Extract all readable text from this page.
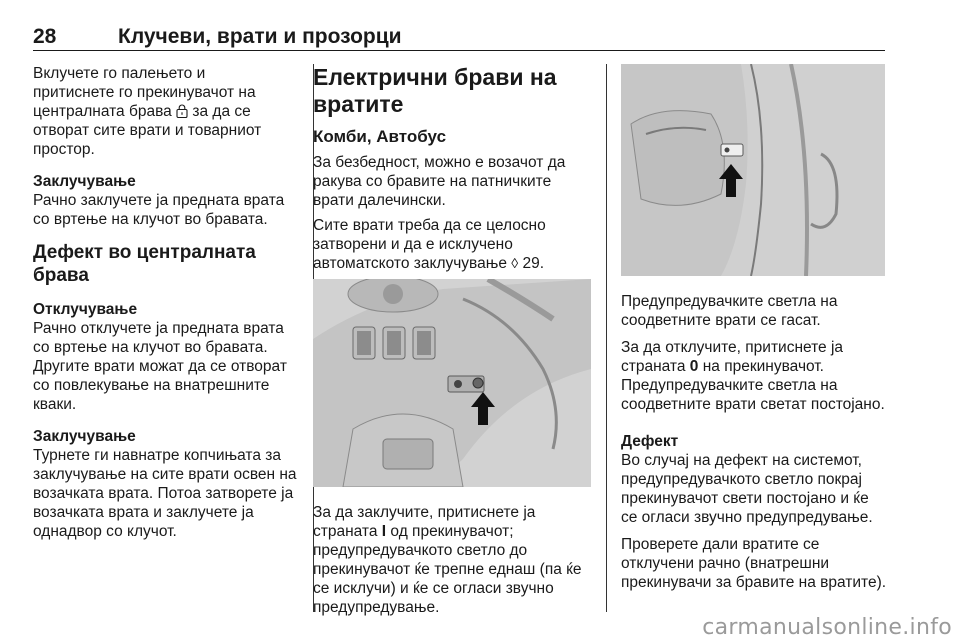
28	Клучеви, врати и прозорци

Вклучете го палењето и

притиснете го прекинувачот на

централната брава за да се

отворат сите врати и товарниот

простор.

Заклучување

Рачно заклучете ја предната врата со вртење на клучот во бравата.

Дефект во централната брава

Отклучување

Рачно отклучете ја предната врата со вртење на клучот во бравата. Другите врати можат да се отворат со повлекување на внатрешните кваки.

Заклучување

Турнете ги навнатре копчињата за заклучување на сите врати освен на возачката врата. Потоа затворете ја возачката врата и заклучете ја однадвор со клучот.

Електрични брави на вратите

Комби, Автобус

За безбедност, можно е возачот да ракува со бравите на патничките врати далечински.

Сите врати треба да се целосно затворени и да е исклучено автоматското заклучување ◊ 29.

За да заклучите, притиснете ја страната I од прекинувачот; предупредувачкото светло до прекинувачот ќе трепне еднаш (па ќе се исклучи) и ќе се огласи звучно предупредување.

Предупредувачките светла на соодветните врати се гасат.

За да отклучите, притиснете ја страната 0 на прекинувачот. Предупредувачките светла на соодветните врати светат постојано.

Дефект

Во случај на дефект на системот, предупредувачкото светло покрај прекинувачот свети постојано и ќе се огласи звучно предупредување.

Проверете дали вратите се отклучени рачно (внатрешни прекинувачи за бравите на вратите).

carmanualsonline.info
